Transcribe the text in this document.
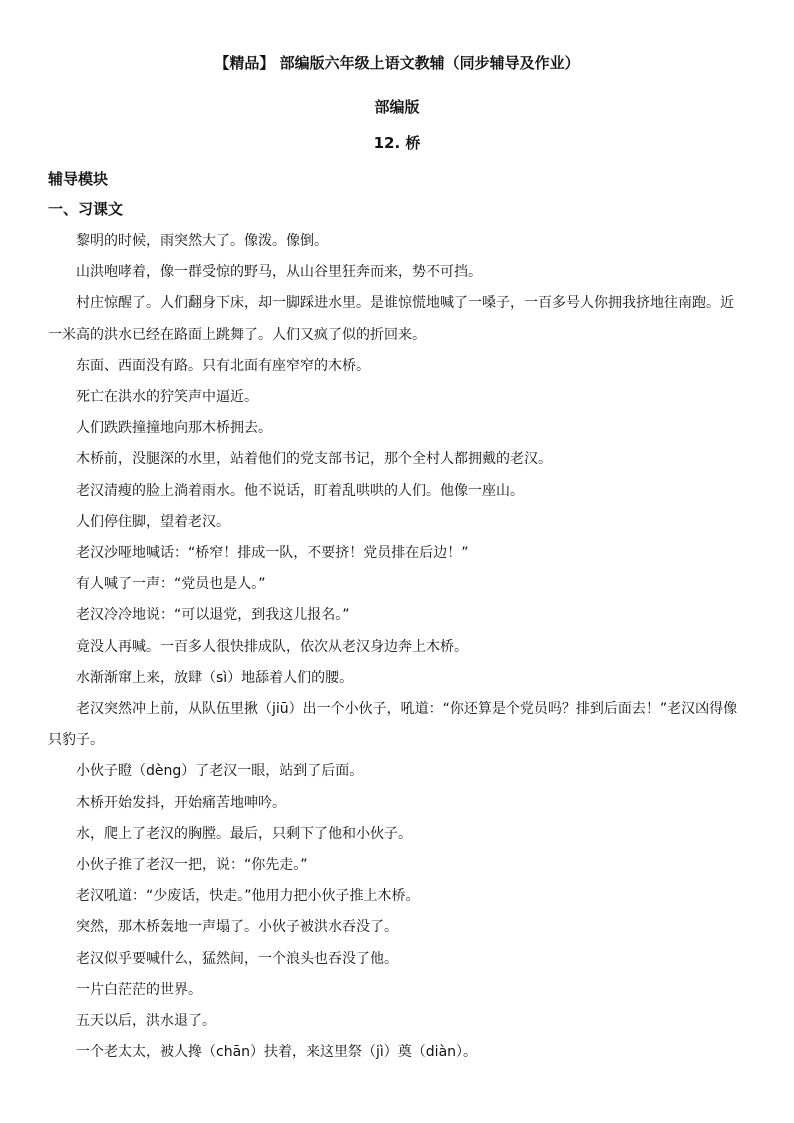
【精品】 部编版六年级上语文教辅（同步辅导及作业）
部编版
12. 桥
辅导模块
一、习课文

黎明的时候，雨突然大了。像泼。像倒。

山洪咆哮着，像一群受惊的野马，从山谷里狂奔而来，势不可挡。

村庄惊醒了。人们翻身下床，却一脚踩进水里。是谁惊慌地喊了一嗓子，一百多号人你拥我挤地往南跑。近一米高的洪水已经在路面上跳舞了。人们又疯了似的折回来。

东面、西面没有路。只有北面有座窄窄的木桥。

死亡在洪水的狞笑声中逼近。

人们跌跌撞撞地向那木桥拥去。

木桥前，没腿深的水里，站着他们的党支部书记，那个全村人都拥戴的老汉。

老汉清瘦的脸上淌着雨水。他不说话，盯着乱哄哄的人们。他像一座山。

人们停住脚，望着老汉。

老汉沙哑地喊话：“桥窄！排成一队，不要挤！党员排在后边！”

有人喊了一声：“党员也是人。”

老汉冷冷地说：“可以退党，到我这儿报名。”

竟没人再喊。一百多人很快排成队，依次从老汉身边奔上木桥。

水渐渐窜上来，放肆（sì）地舔着人们的腰。

老汉突然冲上前，从队伍里揪（jiū）出一个小伙子，吼道：“你还算是个党员吗？排到后面去！”老汉凶得像只豹子。

小伙子瞪（dèng）了老汉一眼，站到了后面。

木桥开始发抖，开始痛苦地呻吟。

水，爬上了老汉的胸膛。最后，只剩下了他和小伙子。

小伙子推了老汉一把，说：“你先走。”

老汉吼道：“少废话，快走。”他用力把小伙子推上木桥。

突然，那木桥轰地一声塌了。小伙子被洪水吞没了。

老汉似乎要喊什么，猛然间，一个浪头也吞没了他。

一片白茫茫的世界。

五天以后，洪水退了。

一个老太太，被人搀（chān）扶着，来这里祭（jì）奠（diàn）。
